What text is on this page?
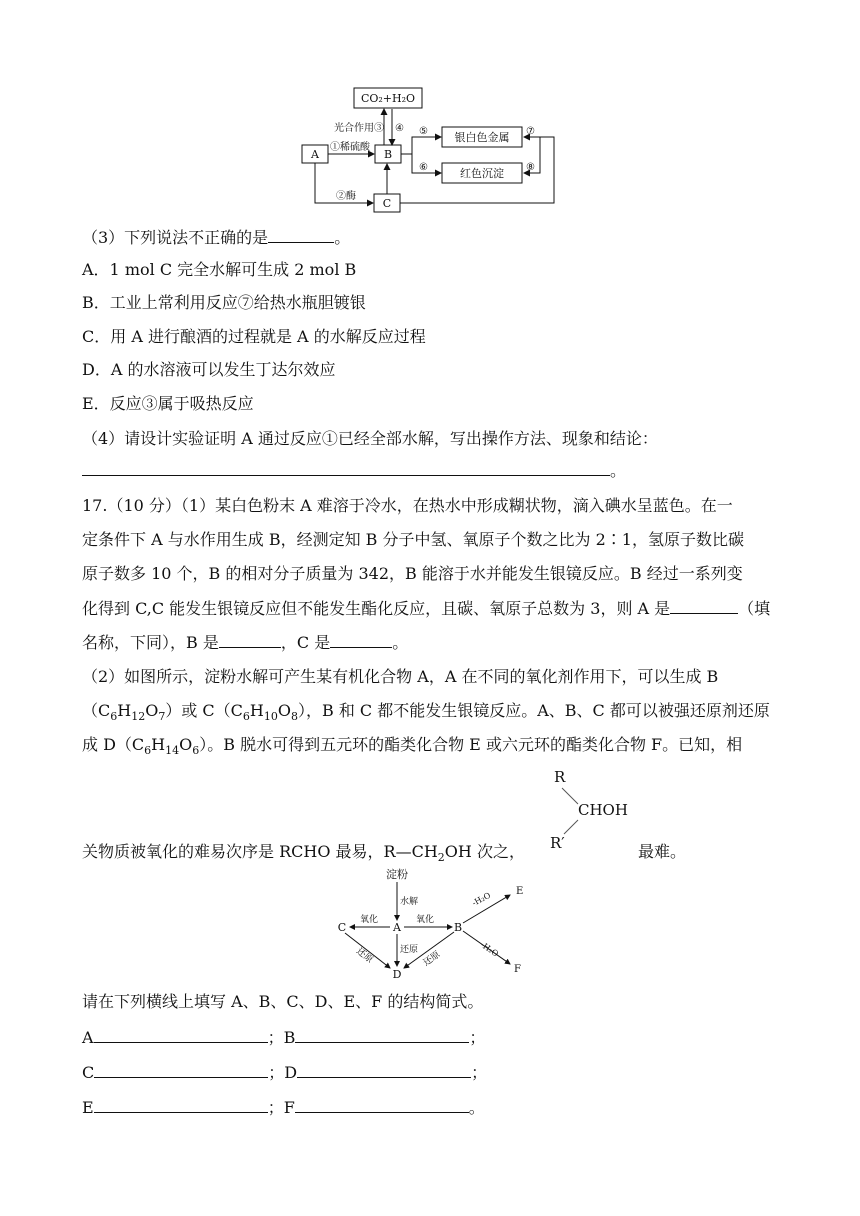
CO₂+H₂O
光合作用③ ④
A
①稀硫酸
B
⑤ 银白色金属 ⑦
⑥	红色沉淀 ⑧
②酶
C
（3）下列说法不正确的是	。
A．1 mol C 完全水解可生成 2 mol B
B．工业上常利用反应⑦给热水瓶胆镀银
C．用 A 进行酿酒的过程就是 A 的水解反应过程
D．A 的水溶液可以发生丁达尔效应
E．反应③属于吸热反应
（4）请设计实验证明 A 通过反应①已经全部水解，写出操作方法、现象和结论：
。
17.（10 分）（1）某白色粉末 A 难溶于冷水，在热水中形成糊状物，滴入碘水呈蓝色。在一
定条件下 A 与水作用生成 B，经测定知 B 分子中氢、氧原子个数之比为 2∶1，氢原子数比碳
原子数多 10 个，B 的相对分子质量为 342，B 能溶于水并能发生银镜反应。B 经过一系列变
化得到 C,C 能发生银镜反应但不能发生酯化反应，且碳、氧原子总数为 3，则 A 是	（填
名称，下同），B 是	，C 是	。
（2）如图所示，淀粉水解可产生某有机化合物 A，A 在不同的氧化剂作用下，可以生成 B
$(C_6H_{12}O_7)$或 $C(C_6H_{10}O_8)$，B 和 C 都不能发生银镜反应。A、B、C 都可以被强还原剂还原
成 $D(C_6H_{14}O_6)$。B 脱水可得到五元环的酯类化合物 E 或六元环的酯类化合物 F。已知，相
R
CHOH
R′
关物质被氧化的难易次序是 RCHO 最易，$R—CH_2OH$ 次之，	最难。
淀粉
水解
A
C	B
D
E
F
氧化	氧化
还原
还原	还原
-H₂O
-H₂O
请在下列横线上填写 A、B、C、D、E、F 的结构简式。
A	；B	；
C	；D	；
E	；F	。
